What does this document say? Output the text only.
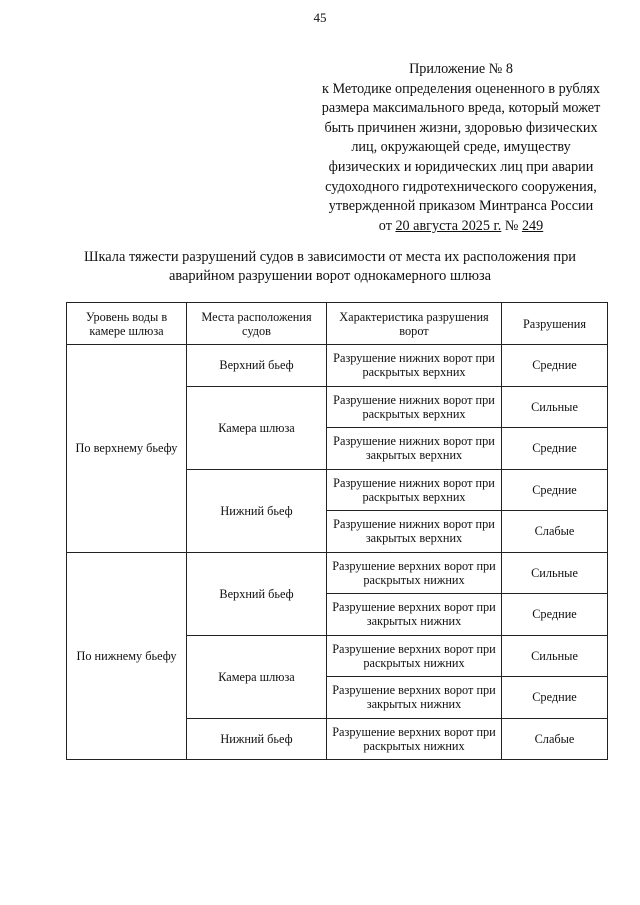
45
Приложение № 8
к Методике определения оцененного в рублях
размера максимального вреда, который может
быть причинен жизни, здоровью физических
лиц, окружающей среде, имуществу
физических и юридических лиц при аварии
судоходного гидротехнического сооружения,
утвержденной приказом Минтранса России
от 20 августа 2025 г. № 249
Шкала тяжести разрушений судов в зависимости от места их расположения при
аварийном разрушении ворот однокамерного шлюза
Уровень воды в камере шлюза	Места расположения судов	Характеристика разрушения ворот	Разрушения
По верхнему бьефу	Верхний бьеф	Разрушение нижних ворот при раскрытых верхних	Средние
	Камера шлюза	Разрушение нижних ворот при раскрытых верхних	Сильные
		Разрушение нижних ворот при закрытых верхних	Средние
	Нижний бьеф	Разрушение нижних ворот при раскрытых верхних	Средние
		Разрушение нижних ворот при закрытых верхних	Слабые
По нижнему бьефу	Верхний бьеф	Разрушение верхних ворот при раскрытых нижних	Сильные
		Разрушение верхних ворот при закрытых нижних	Средние
	Камера шлюза	Разрушение верхних ворот при раскрытых нижних	Сильные
		Разрушение верхних ворот при закрытых нижних	Средние
	Нижний бьеф	Разрушение верхних ворот при раскрытых нижних	Слабые
